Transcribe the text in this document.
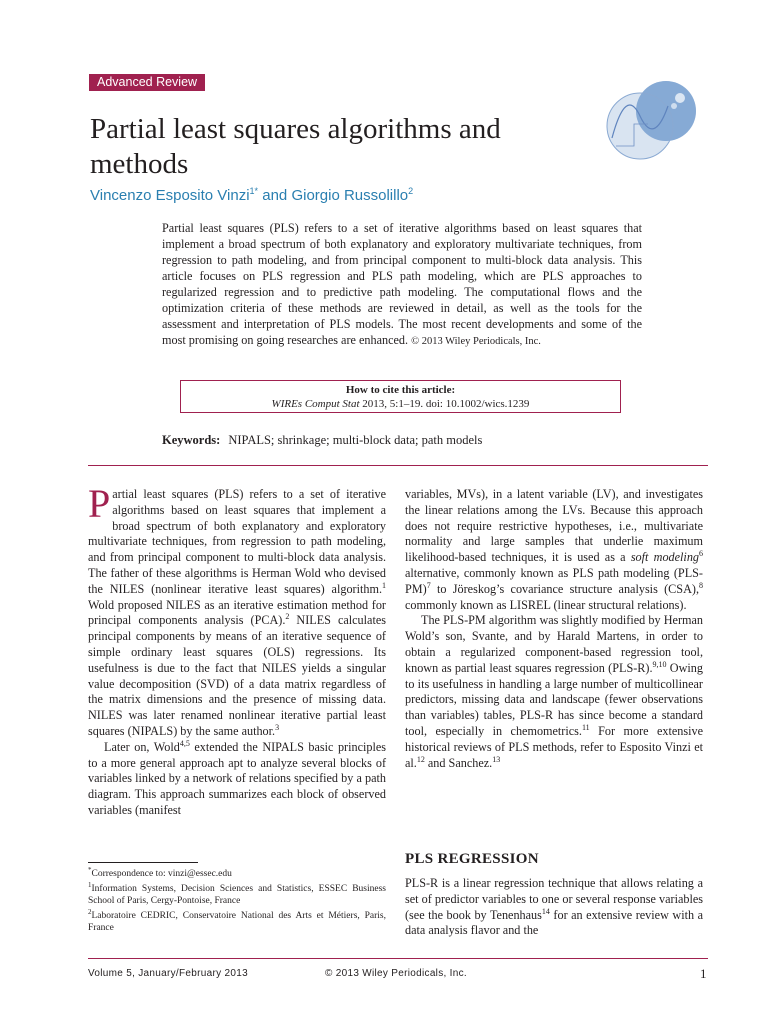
Advanced Review
Partial least squares algorithms and methods
Vincenzo Esposito Vinzi$^{1*}$ and Giorgio Russolillo$^2$

Partial least squares (PLS) refers to a set of iterative algorithms based on least squares that implement a broad spectrum of both explanatory and exploratory multivariate techniques, from regression to path modeling, and from principal component to multi-block data analysis. This article focuses on PLS regression and PLS path modeling, which are PLS approaches to regularized regression and to predictive path modeling. The computational flows and the optimization criteria of these methods are reviewed in detail, as well as the tools for the assessment and interpretation of PLS models. The most recent developments and some of the most promising on going researches are enhanced. © 2013 Wiley Periodicals, Inc.

How to cite this article:
WIREs Comput Stat 2013, 5:1–19. doi: 10.1002/wics.1239
Keywords: NIPALS; shrinkage; multi-block data; path models

Partial least squares (PLS) refers to a set of iterative algorithms based on least squares that implement a broad spectrum of both explanatory and exploratory multivariate techniques, from regression to path modeling, and from principal component to multi-block data analysis. The father of these algorithms is Herman Wold who devised the NILES (nonlinear iterative least squares) algorithm.$^1$ Wold proposed NILES as an iterative estimation method for principal components analysis (PCA).$^2$ NILES calculates principal components by means of an iterative sequence of simple ordinary least squares (OLS) regressions. Its usefulness is due to the fact that NILES yields a singular value decomposition (SVD) of a data matrix regardless of the matrix dimensions and the presence of missing data. NILES was later renamed nonlinear iterative partial least squares (NIPALS) by the same author.$^3$

Later on, Wold$^{4,5}$ extended the NIPALS basic principles to a more general approach apt to analyze several blocks of variables linked by a network of relations specified by a path diagram. This approach summarizes each block of observed variables (manifest

*Correspondence to: vinzi@essec.edu

$^1$Information Systems, Decision Sciences and Statistics, ESSEC Business School of Paris, Cergy-Pontoise, France

$^2$Laboratoire CEDRIC, Conservatoire National des Arts et Métiers, Paris, France

variables, MVs), in a latent variable (LV), and investigates the linear relations among the LVs. Because this approach does not require restrictive hypotheses, i.e., multivariate normality and large samples that underlie maximum likelihood-based techniques, it is used as a soft modeling$^6$ alternative, commonly known as PLS path modeling $(PLS-PM)^7$ to Jöreskog’s covariance structure analysis (CSA),$^8$ commonly known as LISREL (linear structural relations).

The PLS-PM algorithm was slightly modified by Herman Wold’s son, Svante, and by Harald Martens, in order to obtain a regularized component-based regression tool, known as partial least squares regression (PLS-R).$^{9,10}$ Owing to its usefulness in handling a large number of multicollinear predictors, missing data and landscape (fewer observations than variables) tables, PLS-R has since become a standard tool, especially in chemometrics.$^{11}$ For more extensive historical reviews of PLS methods, refer to Esposito Vinzi et al.$^{12}$ and Sanchez.$^{13}$

PLS REGRESSION

PLS-R is a linear regression technique that allows relating a set of predictor variables to one or several response variables (see the book by Tenenhaus$^{14}$ for an extensive review with a data analysis flavor and the

Volume 5, January/February 2013	© 2013 Wiley Periodicals, Inc.	1
